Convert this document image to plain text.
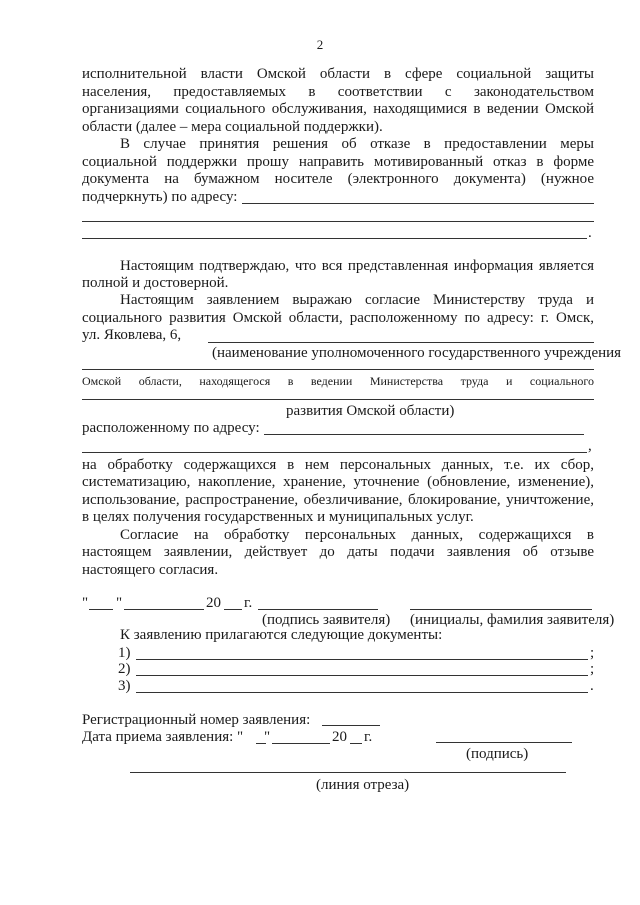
2
исполнительной власти Омской области в сфере социальной защиты
населения, предоставляемых в соответствии с законодательством
организациями социального обслуживания, находящимися в ведении Омской
области (далее – мера социальной поддержки).
В случае принятия решения об отказе в предоставлении меры
социальной поддержки прошу направить мотивированный отказ в форме
документа на бумажном носителе (электронного документа) (нужное
подчеркнуть) по адресу:
.
Настоящим подтверждаю, что вся представленная информация является
полной и достоверной.
Настоящим заявлением выражаю согласие Министерству труда и
социального развития Омской области, расположенному по адресу: г. Омск,
ул. Яковлева, 6,
(наименование уполномоченного государственного учреждения
Омской области, находящегося в ведении Министерства труда и социального
развития Омской области)
расположенному по адресу:
,
на обработку содержащихся в нем персональных данных, т.е. их сбор,
систематизацию, накопление, хранение, уточнение (обновление, изменение),
использование, распространение, обезличивание, блокирование, уничтожение,
в целях получения государственных и муниципальных услуг.
Согласие на обработку персональных данных, содержащихся в
настоящем заявлении, действует до даты подачи заявления об отзыве
настоящего согласия.
" "	20 г.
(подпись заявителя) (инициалы, фамилия заявителя)
К заявлению прилагаются следующие документы:
1)	;
2)	;
3)	.
Регистрационный номер заявления:
Дата приема заявления: " "	20 г.
(подпись)
(линия отреза)
